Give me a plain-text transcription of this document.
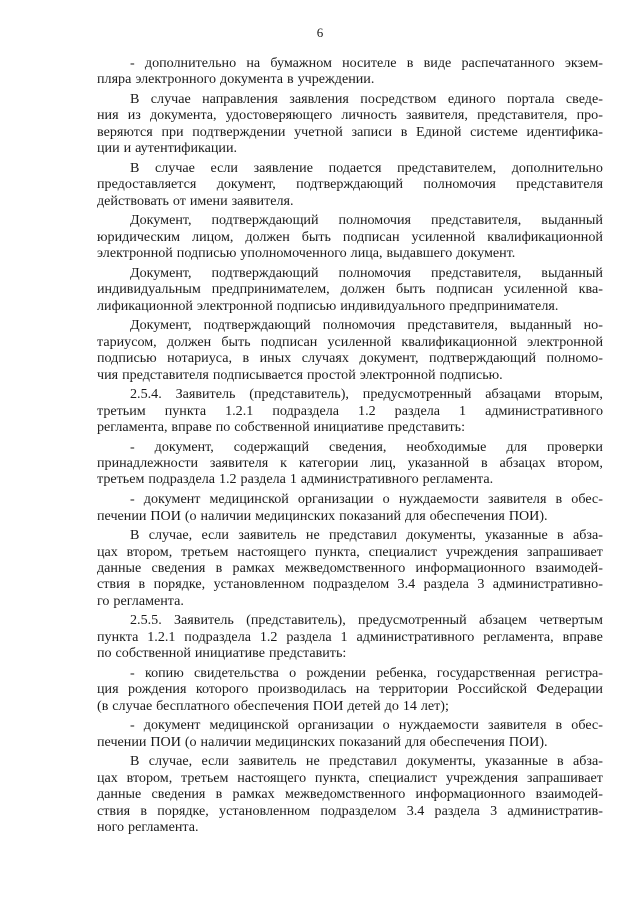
6
- дополнительно на бумажном носителе в виде распечатанного экзем-
пляра электронного документа в учреждении.
В случае направления заявления посредством единого портала сведе-
ния из документа, удостоверяющего личность заявителя, представителя, про-
веряются при подтверждении учетной записи в Единой системе идентифика-
ции и аутентификации.
В случае если заявление подается представителем, дополнительно
предоставляется документ, подтверждающий полномочия представителя
действовать от имени заявителя.
Документ, подтверждающий полномочия представителя, выданный
юридическим лицом, должен быть подписан усиленной квалификационной
электронной подписью уполномоченного лица, выдавшего документ.
Документ, подтверждающий полномочия представителя, выданный
индивидуальным предпринимателем, должен быть подписан усиленной ква-
лификационной электронной подписью индивидуального предпринимателя.
Документ, подтверждающий полномочия представителя, выданный но-
тариусом, должен быть подписан усиленной квалификационной электронной
подписью нотариуса, в иных случаях документ, подтверждающий полномо-
чия представителя подписывается простой электронной подписью.
2.5.4. Заявитель (представитель), предусмотренный абзацами вторым,
третьим пункта 1.2.1 подраздела 1.2 раздела 1 административного
регламента, вправе по собственной инициативе представить:
- документ, содержащий сведения, необходимые для проверки
принадлежности заявителя к категории лиц, указанной в абзацах втором,
третьем подраздела 1.2 раздела 1 административного регламента.
- документ медицинской организации о нуждаемости заявителя в обес-
печении ПОИ (о наличии медицинских показаний для обеспечения ПОИ).
В случае, если заявитель не представил документы, указанные в абза-
цах втором, третьем настоящего пункта, специалист учреждения запрашивает
данные сведения в рамках межведомственного информационного взаимодей-
ствия в порядке, установленном подразделом 3.4 раздела 3 административно-
го регламента.
2.5.5. Заявитель (представитель), предусмотренный абзацем четвертым
пункта 1.2.1 подраздела 1.2 раздела 1 административного регламента, вправе
по собственной инициативе представить:
- копию свидетельства о рождении ребенка, государственная регистра-
ция рождения которого производилась на территории Российской Федерации
(в случае бесплатного обеспечения ПОИ детей до 14 лет);
- документ медицинской организации о нуждаемости заявителя в обес-
печении ПОИ (о наличии медицинских показаний для обеспечения ПОИ).
В случае, если заявитель не представил документы, указанные в абза-
цах втором, третьем настоящего пункта, специалист учреждения запрашивает
данные сведения в рамках межведомственного информационного взаимодей-
ствия в порядке, установленном подразделом 3.4 раздела 3 административ-
ного регламента.
